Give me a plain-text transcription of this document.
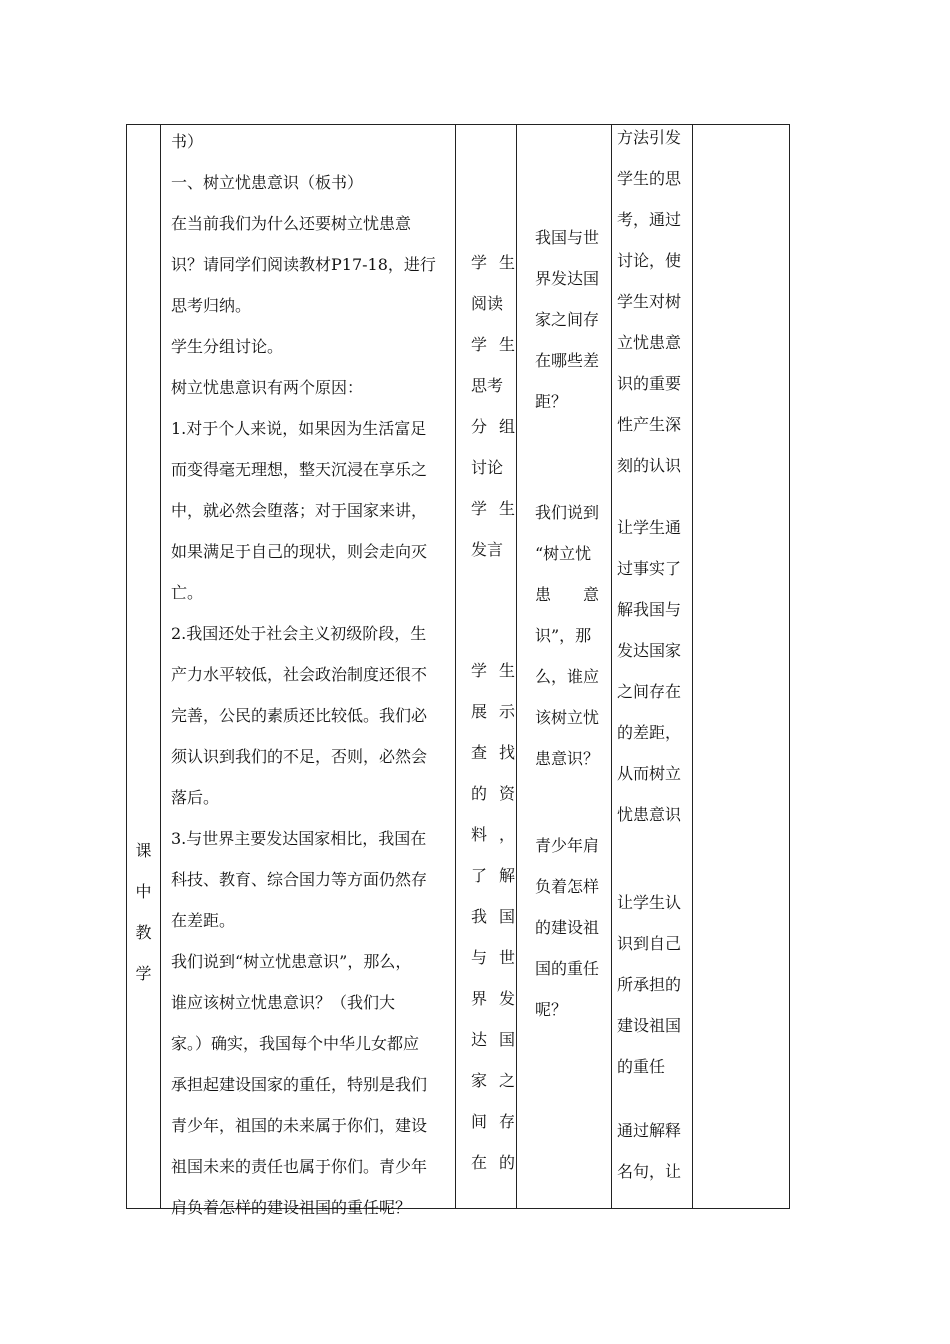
课
中
教
学

书）

一、树立忧患意识（板书）

在当前我们为什么还要树立忧患意

识？请同学们阅读教材P17-18，进行

思考归纳。

学生分组讨论。

树立忧患意识有两个原因：

1.对于个人来说，如果因为生活富足

而变得毫无理想，整天沉浸在享乐之

中，就必然会堕落；对于国家来讲，

如果满足于自己的现状，则会走向灭

亡。

2.我国还处于社会主义初级阶段，生

产力水平较低，社会政治制度还很不

完善，公民的素质还比较低。我们必

须认识到我们的不足，否则，必然会

落后。

3.与世界主要发达国家相比，我国在

科技、教育、综合国力等方面仍然存

在差距。

我们说到“树立忧患意识”，那么，

谁应该树立忧患意识？（我们大

家。）确实，我国每个中华儿女都应

承担起建设国家的重任，特别是我们

青少年，祖国的未来属于你们，建设

祖国未来的责任也属于你们。青少年

肩负着怎样的建设祖国的重任呢？

学 生
阅读
学 生
思考
分 组
讨论
学 生
发言
学 生
展 示
查 找
的 资
料 ，
了 解
我 国
与 世
界 发
达 国
家 之
间 存
在 的

我国与世

界发达国

家之间存

在哪些差

距？

我们说到

“树立忧

患　　意

识”，那

么，谁应

该树立忧

患意识？

青少年肩

负着怎样

的建设祖

国的重任

呢？

方法引发

学生的思

考，通过

讨论，使

学生对树

立忧患意

识的重要

性产生深

刻的认识

让学生通

过事实了

解我国与

发达国家

之间存在

的差距，

从而树立

忧患意识

让学生认

识到自己

所承担的

建设祖国

的重任

通过解释

名句，让
